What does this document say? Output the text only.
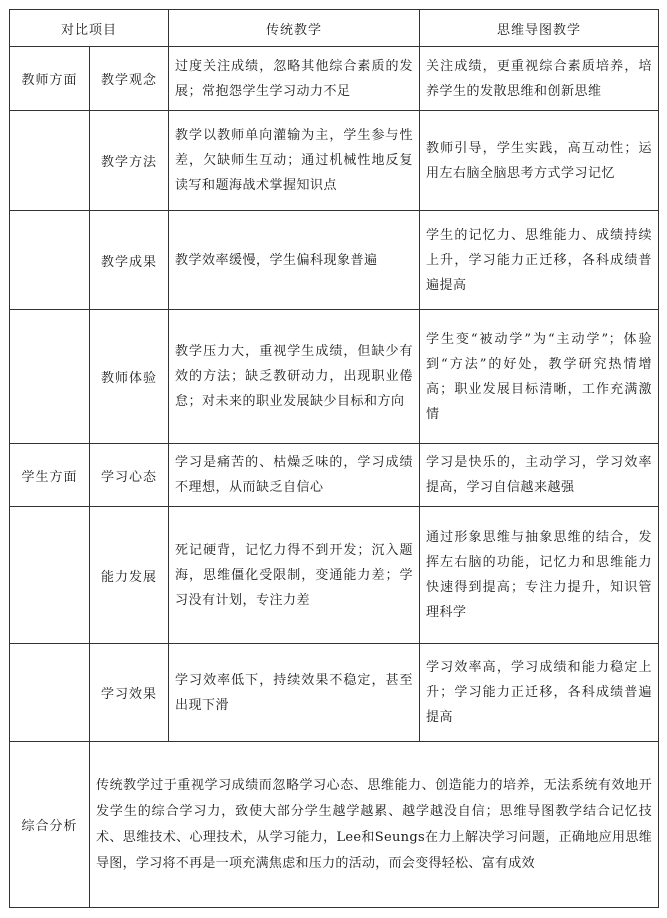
对比项目		传统教学	思维导图教学
教师方面	教学观念	过度关注成绩，忽略其他综合素质的发展；常抱怨学生学习动力不足	关注成绩，更重视综合素质培养，培养学生的发散思维和创新思维
	教学方法	教学以教师单向灌输为主，学生参与性差，欠缺师生互动；通过机械性地反复读写和题海战术掌握知识点	教师引导，学生实践，高互动性；运用左右脑全脑思考方式学习记忆
	教学成果	教学效率缓慢，学生偏科现象普遍	学生的记忆力、思维能力、成绩持续上升，学习能力正迁移，各科成绩普遍提高
	教师体验	教学压力大，重视学生成绩，但缺少有效的方法；缺乏教研动力，出现职业倦怠；对未来的职业发展缺少目标和方向	学生变“被动学”为“主动学”；体验到“方法”的好处，教学研究热情增高；职业发展目标清晰，工作充满激情
学生方面	学习心态	学习是痛苦的、枯燥乏味的，学习成绩不理想，从而缺乏自信心	学习是快乐的，主动学习，学习效率提高，学习自信越来越强
	能力发展	死记硬背，记忆力得不到开发；沉入题海，思维僵化受限制，变通能力差；学习没有计划，专注力差	通过形象思维与抽象思维的结合，发挥左右脑的功能，记忆力和思维能力快速得到提高；专注力提升，知识管理科学
	学习效果	学习效率低下，持续效果不稳定，甚至出现下滑	学习效率高，学习成绩和能力稳定上升；学习能力正迁移，各科成绩普遍提高
综合分析	传统教学过于重视学习成绩而忽略学习心态、思维能力、创造能力的培养，无法系统有效地开发学生的综合学习力，致使大部分学生越学越累、越学越没自信；思维导图教学结合记忆技术、思维技术、心理技术，从学习能力，Lee和Seungs在力上解决学习问题，正确地应用思维导图，学习将不再是一项充满焦虑和压力的活动，而会变得轻松、富有成效		
